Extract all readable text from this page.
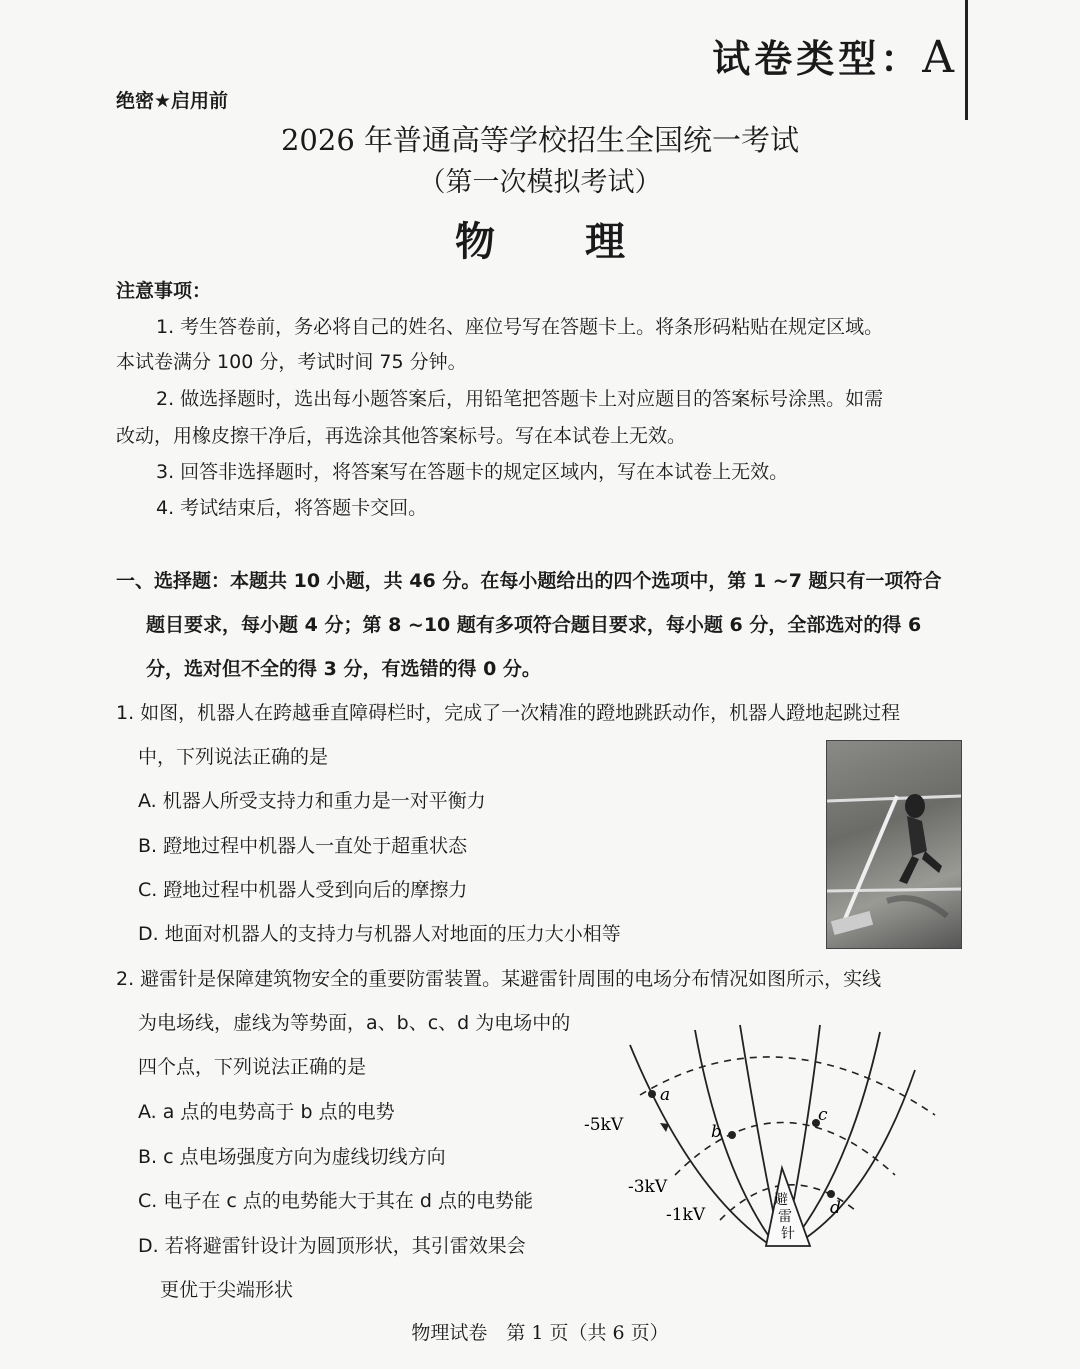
试卷类型：A
绝密★启用前
2026 年普通高等学校招生全国统一考试
（第一次模拟考试）
物理
注意事项：
1. 考生答卷前，务必将自己的姓名、座位号写在答题卡上。将条形码粘贴在规定区域。
本试卷满分 100 分，考试时间 75 分钟。
2. 做选择题时，选出每小题答案后，用铅笔把答题卡上对应题目的答案标号涂黑。如需
改动，用橡皮擦干净后，再选涂其他答案标号。写在本试卷上无效。
3. 回答非选择题时，将答案写在答题卡的规定区域内，写在本试卷上无效。
4. 考试结束后，将答题卡交回。
一、选择题：本题共 10 小题，共 46 分。在每小题给出的四个选项中，第 1 ~7 题只有一项符合
题目要求，每小题 4 分；第 8 ~10 题有多项符合题目要求，每小题 6 分，全部选对的得 6
分，选对但不全的得 3 分，有选错的得 0 分。
1. 如图，机器人在跨越垂直障碍栏时，完成了一次精准的蹬地跳跃动作，机器人蹬地起跳过程
中，下列说法正确的是
A. 机器人所受支持力和重力是一对平衡力
B. 蹬地过程中机器人一直处于超重状态
C. 蹬地过程中机器人受到向后的摩擦力
D. 地面对机器人的支持力与机器人对地面的压力大小相等
2. 避雷针是保障建筑物安全的重要防雷装置。某避雷针周围的电场分布情况如图所示，实线
为电场线，虚线为等势面，a、b、c、d 为电场中的
四个点，下列说法正确的是
A. a 点的电势高于 b 点的电势
B. c 点电场强度方向为虚线切线方向
C. 电子在 c 点的电势能大于其在 d 点的电势能
D. 若将避雷针设计为圆顶形状，其引雷效果会
更优于尖端形状
a
b
c
d
-5kV
-3kV
-1kV
避
雷
针
物理试卷　第 1 页（共 6 页）
